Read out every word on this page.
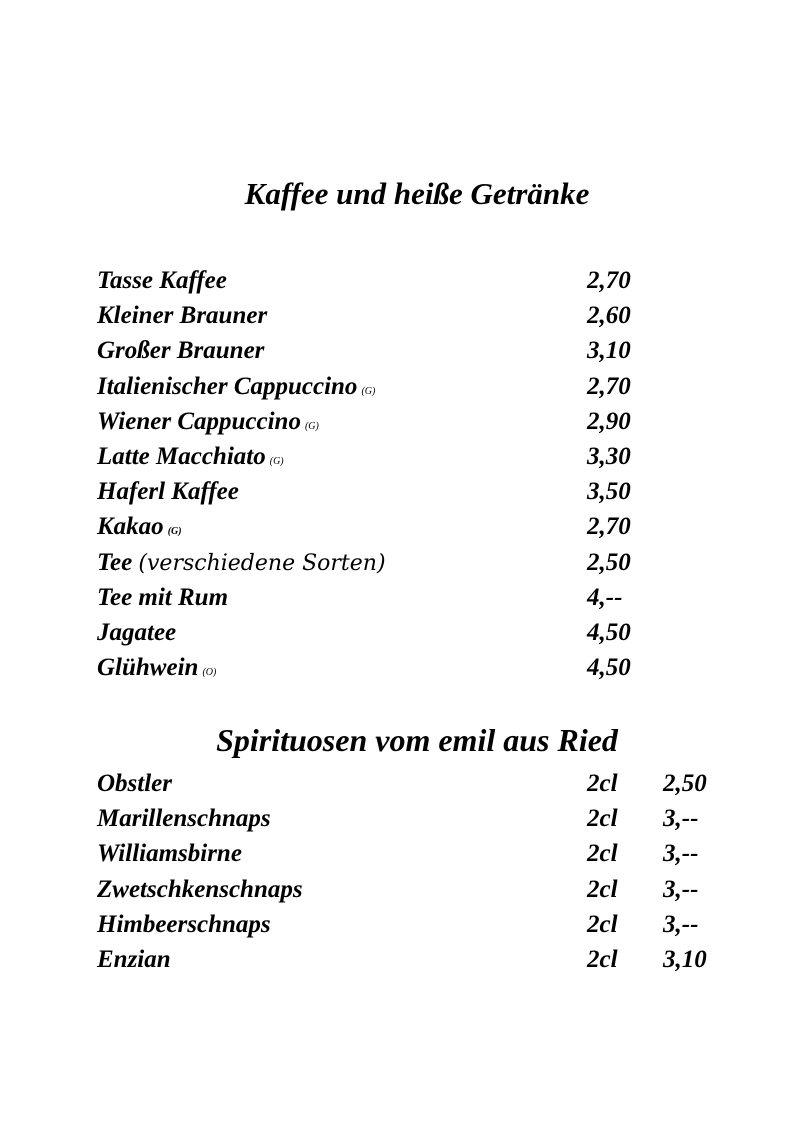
Kaffee und heiße Getränke
Tasse Kaffee	2,70
Kleiner Brauner	2,60
Großer Brauner	3,10
Italienischer Cappuccino (G)	2,70
Wiener Cappuccino (G)	2,90
Latte Macchiato (G)	3,30
Haferl Kaffee	3,50
Kakao (G)	2,70
Tee (verschiedene Sorten)	2,50
Tee mit Rum	4,--
Jagatee	4,50
Glühwein (O)	4,50
Spirituosen vom emil aus Ried
Obstler	2cl 2,50
Marillenschnaps	2cl 3,--
Williamsbirne	2cl 3,--
Zwetschkenschnaps	2cl 3,--
Himbeerschnaps	2cl 3,--
Enzian	2cl 3,10
